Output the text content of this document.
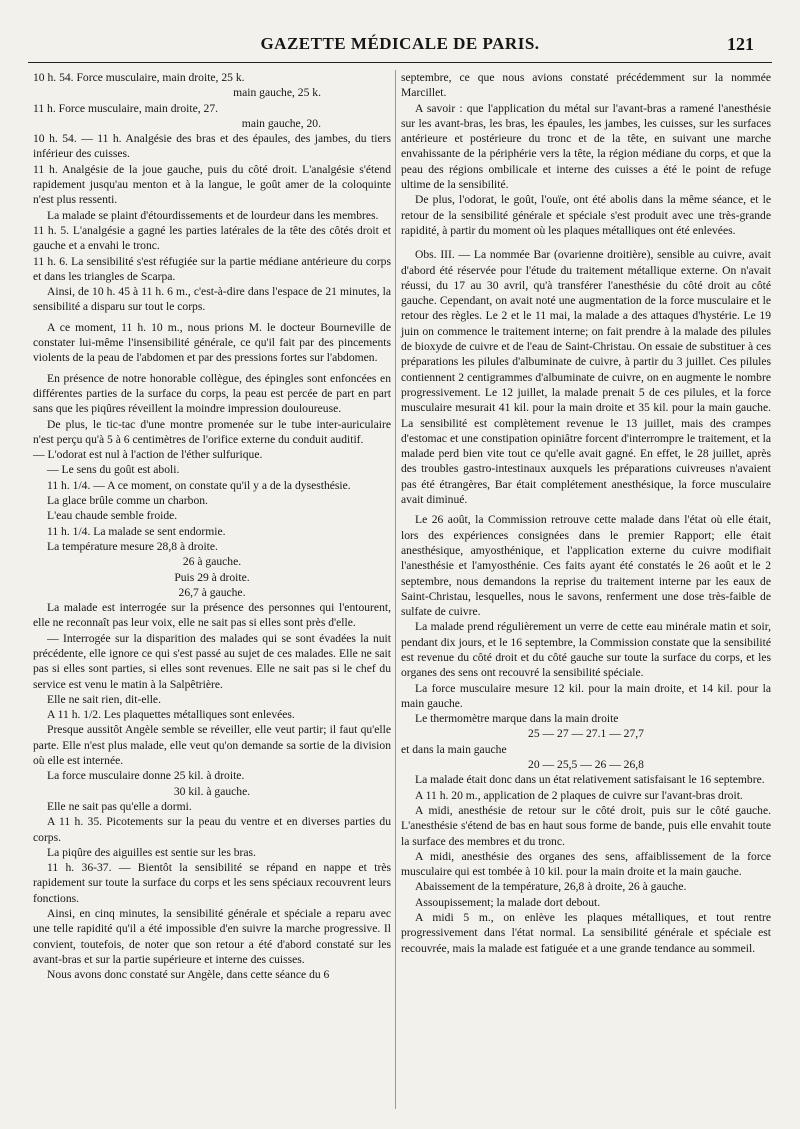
GAZETTE MÉDICALE DE PARIS.	121

10 h. 54. Force musculaire, main droite, 25 k.

main gauche, 25 k.

11 h. Force musculaire, main droite, 27.

main gauche, 20.

10 h. 54. — 11 h. Analgésie des bras et des épaules, des jambes, du tiers inférieur des cuisses.

11 h. Analgésie de la joue gauche, puis du côté droit. L'analgésie s'étend rapidement jusqu'au menton et à la langue, le goût amer de la coloquinte n'est plus ressenti.

La malade se plaint d'étourdissements et de lourdeur dans les membres.

11 h. 5. L'analgésie a gagné les parties latérales de la tête des côtés droit et gauche et a envahi le tronc.

11 h. 6. La sensibilité s'est réfugiée sur la partie médiane antérieure du corps et dans les triangles de Scarpa.

Ainsi, de 10 h. 45 à 11 h. 6 m., c'est-à-dire dans l'espace de 21 minutes, la sensibilité a disparu sur tout le corps.

A ce moment, 11 h. 10 m., nous prions M. le docteur Bourneville de constater lui-même l'insensibilité générale, ce qu'il fait par des pincements violents de la peau de l'abdomen et par des pressions fortes sur l'abdomen.

En présence de notre honorable collègue, des épingles sont enfoncées en différentes parties de la surface du corps, la peau est percée de part en part sans que les piqûres réveillent la moindre impression douloureuse.

De plus, le tic-tac d'une montre promenée sur le tube inter-auriculaire n'est perçu qu'à 5 à 6 centimètres de l'orifice externe du conduit auditif.

— L'odorat est nul à l'action de l'éther sulfurique.

— Le sens du goût est aboli.

11 h. 1/4. — A ce moment, on constate qu'il y a de la dysesthésie.

La glace brûle comme un charbon.

L'eau chaude semble froide.

11 h. 1/4. La malade se sent endormie.

La température mesure 28,8 à droite.

26 à gauche.

Puis 29 à droite.

26,7 à gauche.

La malade est interrogée sur la présence des personnes qui l'entourent, elle ne reconnaît pas leur voix, elle ne sait pas si elles sont près d'elle.

— Interrogée sur la disparition des malades qui se sont évadées la nuit précédente, elle ignore ce qui s'est passé au sujet de ces malades. Elle ne sait pas si elles sont parties, si elles sont revenues. Elle ne sait pas si le chef du service est venu le matin à la Salpêtrière.

Elle ne sait rien, dit-elle.

A 11 h. 1/2. Les plaquettes métalliques sont enlevées.

Presque aussitôt Angèle semble se réveiller, elle veut partir; il faut qu'elle parte. Elle n'est plus malade, elle veut qu'on demande sa sortie de la division où elle est internée.

La force musculaire donne 25 kil. à droite.

30 kil. à gauche.

Elle ne sait pas qu'elle a dormi.

A 11 h. 35. Picotements sur la peau du ventre et en diverses parties du corps.

La piqûre des aiguilles est sentie sur les bras.

11 h. 36-37. — Bientôt la sensibilité se répand en nappe et très rapidement sur toute la surface du corps et les sens spéciaux recouvrent leurs fonctions.

Ainsi, en cinq minutes, la sensibilité générale et spéciale a reparu avec une telle rapidité qu'il a été impossible d'en suivre la marche progressive. Il convient, toutefois, de noter que son retour a été d'abord constaté sur les avant-bras et sur la partie supérieure et interne des cuisses.

Nous avons donc constaté sur Angèle, dans cette séance du 6

septembre, ce que nous avions constaté précédemment sur la nommée Marcillet.

A savoir : que l'application du métal sur l'avant-bras a ramené l'anesthésie sur les avant-bras, les bras, les épaules, les jambes, les cuisses, sur les surfaces antérieure et postérieure du tronc et de la tête, en suivant une marche envahissante de la périphérie vers la tête, la région médiane du corps, et que la peau des régions ombilicale et interne des cuisses a été le point de refuge ultime de la sensibilité.

De plus, l'odorat, le goût, l'ouïe, ont été abolis dans la même séance, et le retour de la sensibilité générale et spéciale s'est produit avec une très-grande rapidité, à partir du moment où les plaques métalliques ont été enlevées.

Obs. III. — La nommée Bar (ovarienne droitière), sensible au cuivre, avait d'abord été réservée pour l'étude du traitement métallique externe. On n'avait réussi, du 17 au 30 avril, qu'à transférer l'anesthésie du côté droit au côté gauche. Cependant, on avait noté une augmentation de la force musculaire et le retour des règles. Le 2 et le 11 mai, la malade a des attaques d'hystérie. Le 19 juin on commence le traitement interne; on fait prendre à la malade des pilules de bioxyde de cuivre et de l'eau de Saint-Christau. On essaie de substituer à ces préparations les pilules d'albuminate de cuivre, à partir du 3 juillet. Ces pilules contiennent 2 centigrammes d'albuminate de cuivre, on en augmente le nombre progressivement. Le 12 juillet, la malade prenait 5 de ces pilules, et la force musculaire mesurait 41 kil. pour la main droite et 35 kil. pour la main gauche. La sensibilité est complètement revenue le 13 juillet, mais des crampes d'estomac et une constipation opiniâtre forcent d'interrompre le traitement, et la malade perd bien vite tout ce qu'elle avait gagné. En effet, le 28 juillet, après des troubles gastro-intestinaux auxquels les préparations cuivreuses n'avaient pas été étrangères, Bar était complétement anesthésique, la force musculaire avait diminué.

Le 26 août, la Commission retrouve cette malade dans l'état où elle était, lors des expériences consignées dans le premier Rapport; elle était anesthésique, amyosthénique, et l'application externe du cuivre modifiait l'anesthésie et l'amyosthénie. Ces faits ayant été constatés le 26 août et le 2 septembre, nous demandons la reprise du traitement interne par les eaux de Saint-Christau, lesquelles, nous le savons, renferment une dose très-faible de sulfate de cuivre.

La malade prend régulièrement un verre de cette eau minérale matin et soir, pendant dix jours, et le 16 septembre, la Commission constate que la sensibilité est revenue du côté droit et du côté gauche sur toute la surface du corps, et les organes des sens ont recouvré la sensibilité spéciale.

La force musculaire mesure 12 kil. pour la main droite, et 14 kil. pour la main gauche.

Le thermomètre marque dans la main droite

25 — 27 — 27.1 — 27,7

et dans la main gauche

20 — 25,5 — 26 — 26,8

La malade était donc dans un état relativement satisfaisant le 16 septembre.

A 11 h. 20 m., application de 2 plaques de cuivre sur l'avant-bras droit.

A midi, anesthésie de retour sur le côté droit, puis sur le côté gauche. L'anesthésie s'étend de bas en haut sous forme de bande, puis elle envahit toute la surface des membres et du tronc.

A midi, anesthésie des organes des sens, affaiblissement de la force musculaire qui est tombée à 10 kil. pour la main droite et la main gauche.

Abaissement de la température, 26,8 à droite, 26 à gauche.

Assoupissement; la malade dort debout.

A midi 5 m., on enlève les plaques métalliques, et tout rentre progressivement dans l'état normal. La sensibilité générale et spéciale est recouvrée, mais la malade est fatiguée et a une grande tendance au sommeil.
